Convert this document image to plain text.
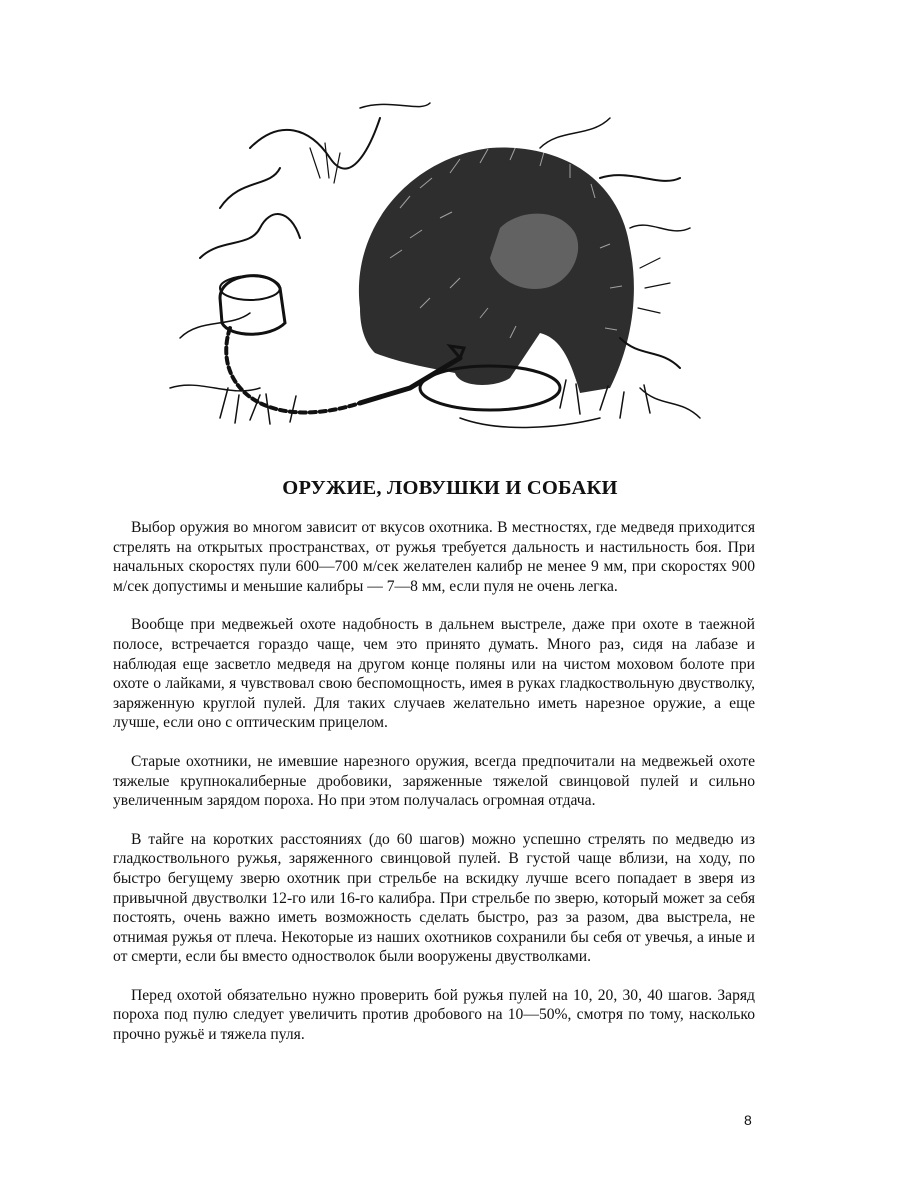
ОРУЖИЕ, ЛОВУШКИ И СОБАКИ

Выбор оружия во многом зависит от вкусов охотника. В местностях, где медведя приходится стрелять на открытых пространствах, от ружья требуется дальность и настильность боя. При начальных скоростях пули 600—700 м/сек желателен калибр не менее 9 мм, при скоростях 900 м/сек допустимы и меньшие калибры — 7—8 мм, если пуля не очень легка.

Вообще при медвежьей охоте надобность в дальнем выстреле, даже при охоте в таежной полосе, встречается гораздо чаще, чем это принято думать. Много раз, сидя на лабазе и наблюдая еще засветло медведя на другом конце поляны или на чистом моховом болоте при охоте о лайками, я чувствовал свою беспомощность, имея в руках гладкоствольную двустволку, заряженную круглой пулей. Для таких случаев желательно иметь нарезное оружие, а еще лучше, если оно с оптическим прицелом.

Старые охотники, не имевшие нарезного оружия, всегда предпочитали на медвежьей охоте тяжелые крупнокалиберные дробовики, заряженные тяжелой свинцовой пулей и сильно увеличенным зарядом пороха. Но при этом получалась огромная отдача.

В тайге на коротких расстояниях (до 60 шагов) можно успешно стрелять по медведю из гладкоствольного ружья, заряженного свинцовой пулей. В густой чаще вблизи, на ходу, по быстро бегущему зверю охотник при стрельбе на вскидку лучше всего попадает в зверя из привычной двустволки 12-го или 16-го калибра. При стрельбе по зверю, который может за себя постоять, очень важно иметь возможность сделать быстро, раз за разом, два выстрела, не отнимая ружья от плеча. Некоторые из наших охотников сохранили бы себя от увечья, а иные и от смерти, если бы вместо одностволок были вооружены двустволками.

Перед охотой обязательно нужно проверить бой ружья пулей на 10, 20, 30, 40 шагов. Заряд пороха под пулю следует увеличить против дробового на 10—50%, смотря по тому, насколько прочно ружьё и тяжела пуля.

8
